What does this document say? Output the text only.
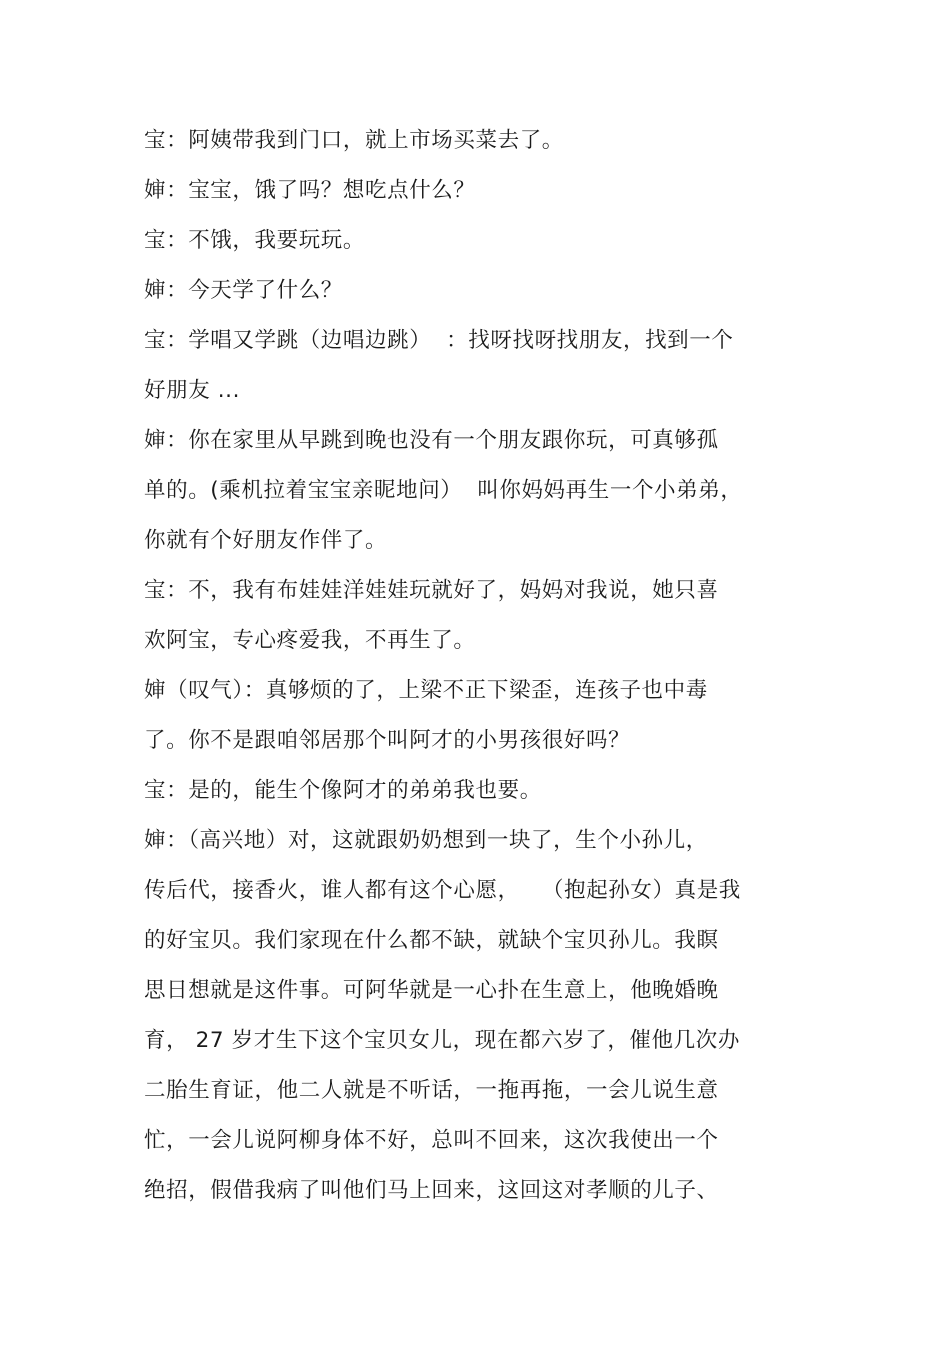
宝：阿姨带我到门口，就上市场买菜去了。
婶：宝宝，饿了吗？想吃点什么？
宝：不饿，我要玩玩。
婶：今天学了什么？
宝：学唱又学跳（边唱边跳）  ：找呀找呀找朋友，找到一个
好朋友 ...
婶：你在家里从早跳到晚也没有一个朋友跟你玩，可真够孤
单的。(乘机拉着宝宝亲昵地问）  叫你妈妈再生一个小弟弟，
你就有个好朋友作伴了。
宝：不，我有布娃娃洋娃娃玩就好了，妈妈对我说，她只喜
欢阿宝，专心疼爱我，不再生了。
婶（叹气）：真够烦的了，上梁不正下梁歪，连孩子也中毒
了。你不是跟咱邻居那个叫阿才的小男孩很好吗？
宝：是的，能生个像阿才的弟弟我也要。
婶：（高兴地）对，这就跟奶奶想到一块了，生个小孙儿，
传后代，接香火，谁人都有这个心愿，   （抱起孙女）真是我
的好宝贝。我们家现在什么都不缺，就缺个宝贝孙儿。我瞑
思日想就是这件事。可阿华就是一心扑在生意上，他晚婚晚
育， 27 岁才生下这个宝贝女儿，现在都六岁了，催他几次办
二胎生育证，他二人就是不听话，一拖再拖，一会儿说生意
忙，一会儿说阿柳身体不好，总叫不回来，这次我使出一个
绝招，假借我病了叫他们马上回来，这回这对孝顺的儿子、
